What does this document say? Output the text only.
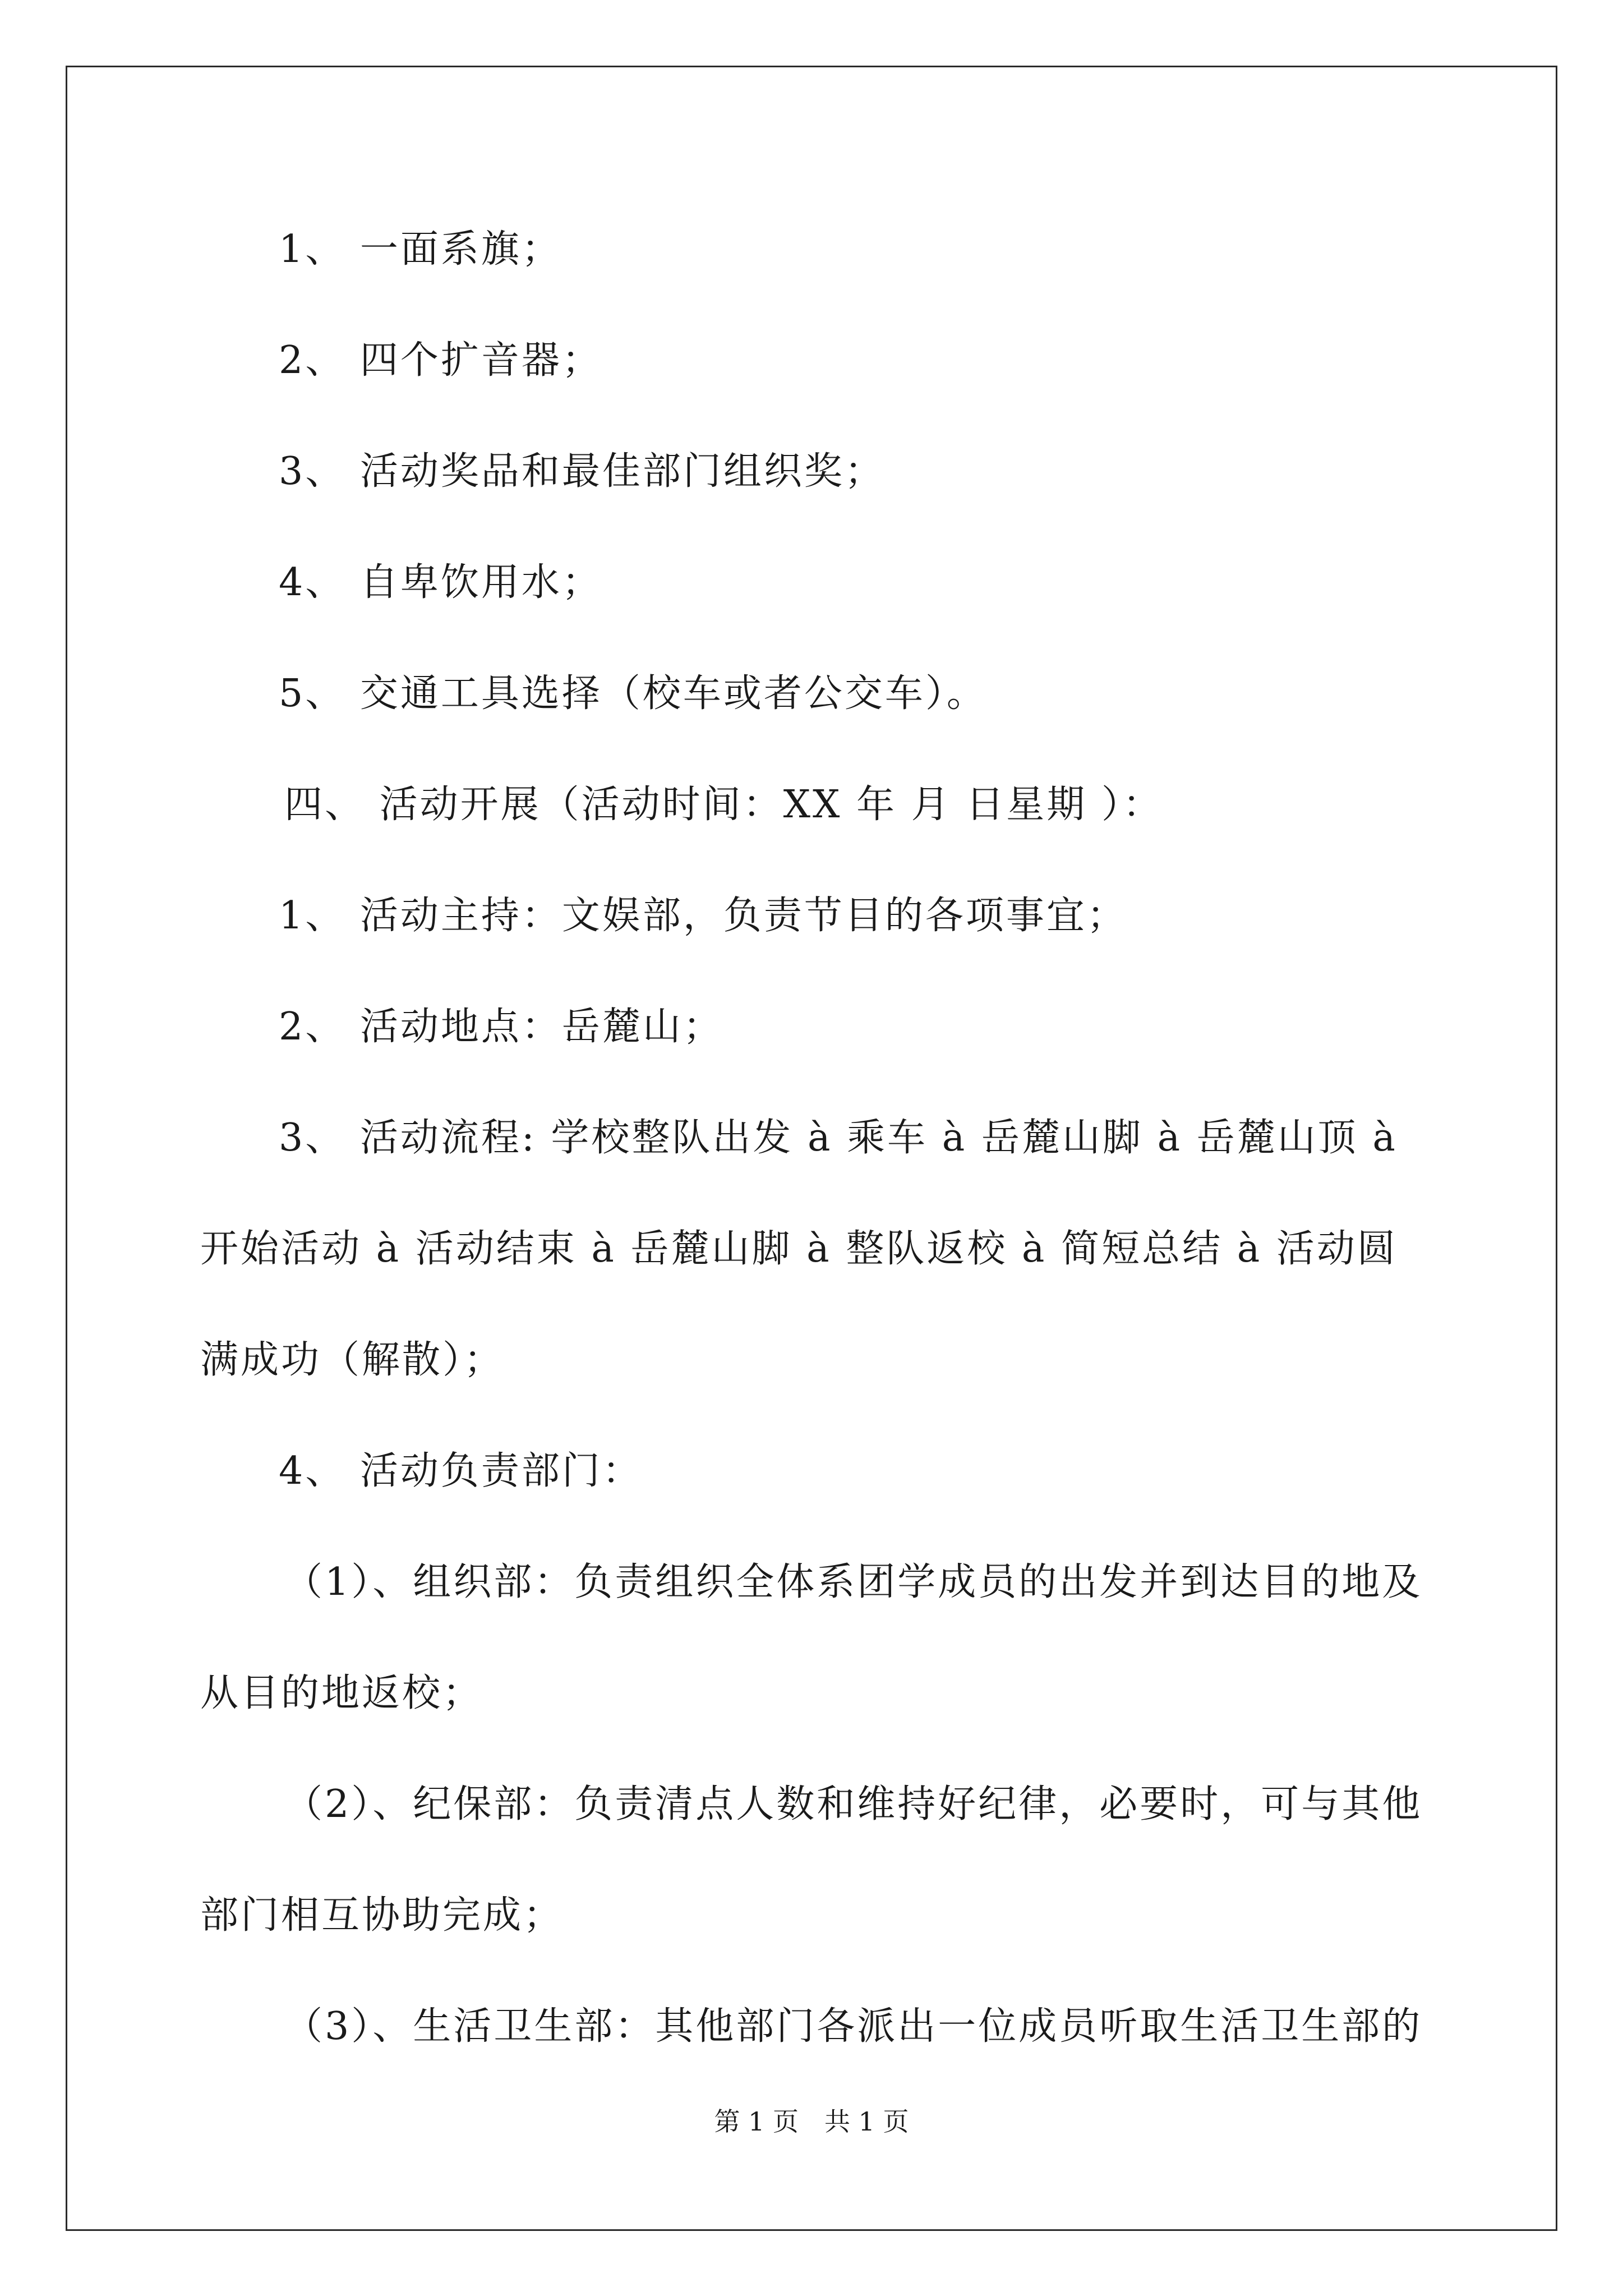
1、 一面系旗；
2、 四个扩音器；
3、 活动奖品和最佳部门组织奖；
4、 自卑饮用水；
5、 交通工具选择（校车或者公交车）。
四、 活动开展（活动时间：XX 年 月 日星期 ）：
1、 活动主持：文娱部，负责节目的各项事宜；
2、 活动地点：岳麓山；
3、 活动流程: 学校整队出发 à 乘车 à 岳麓山脚 à 岳麓山顶 à
开始活动 à 活动结束 à 岳麓山脚 à 整队返校 à 简短总结 à 活动圆
满成功（解散）；
4、 活动负责部门：
（1）、组织部：负责组织全体系团学成员的出发并到达目的地及
从目的地返校；
（2）、纪保部：负责清点人数和维持好纪律，必要时，可与其他
部门相互协助完成；
（3）、生活卫生部：其他部门各派出一位成员听取生活卫生部的
第 1 页　共 1 页
